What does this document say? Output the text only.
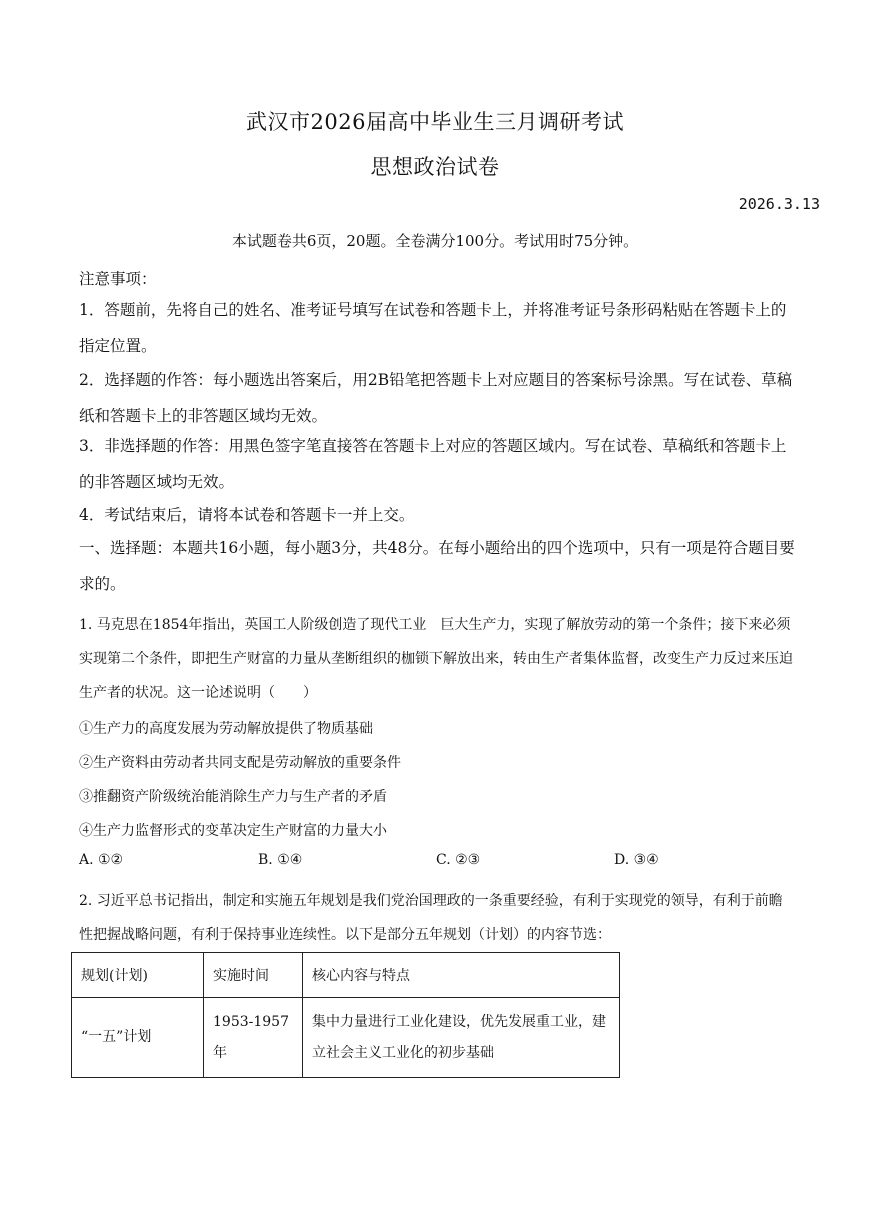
武汉市2026届高中毕业生三月调研考试
思想政治试卷
2026.3.13
本试题卷共6页，20题。全卷满分100分。考试用时75分钟。
注意事项：
1．答题前，先将自己的姓名、准考证号填写在试卷和答题卡上，并将准考证号条形码粘贴在答题卡上的指定位置。
2．选择题的作答：每小题选出答案后，用2B铅笔把答题卡上对应题目的答案标号涂黑。写在试卷、草稿纸和答题卡上的非答题区域均无效。
3．非选择题的作答：用黑色签字笔直接答在答题卡上对应的答题区域内。写在试卷、草稿纸和答题卡上的非答题区域均无效。
4．考试结束后，请将本试卷和答题卡一并上交。
一、选择题：本题共16小题，每小题3分，共48分。在每小题给出的四个选项中，只有一项是符合题目要求的。
1. 马克思在1854年指出，英国工人阶级创造了现代工业　巨大生产力，实现了解放劳动的第一个条件；接下来必须实现第二个条件，即把生产财富的力量从垄断组织的枷锁下解放出来，转由生产者集体监督，改变生产力反过来压迫生产者的状况。这一论述说明（　　）
①生产力的高度发展为劳动解放提供了物质基础
②生产资料由劳动者共同支配是劳动解放的重要条件
③推翻资产阶级统治能消除生产力与生产者的矛盾
④生产力监督形式的变革决定生产财富的力量大小
A. ①②	B. ①④	C. ②③	D. ③④
2. 习近平总书记指出，制定和实施五年规划是我们党治国理政的一条重要经验，有利于实现党的领导，有利于前瞻性把握战略问题，有利于保持事业连续性。以下是部分五年规划（计划）的内容节选：
规划(计划)	实施时间	核心内容与特点
“一五”计划	1953-1957年	集中力量进行工业化建设，优先发展重工业，建立社会主义工业化的初步基础
